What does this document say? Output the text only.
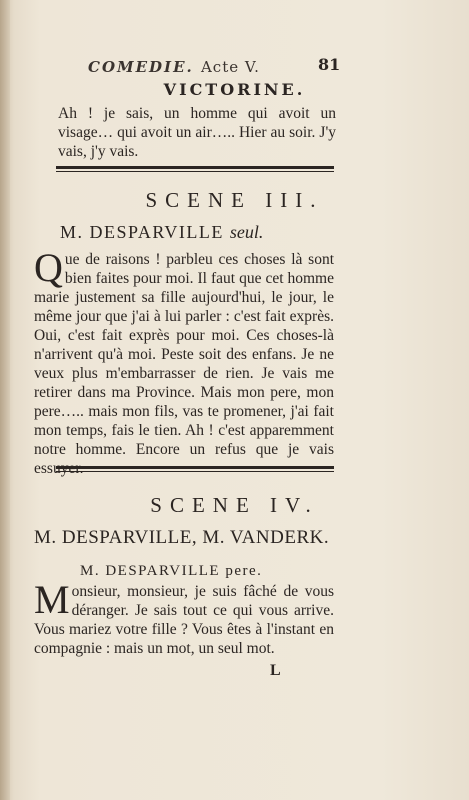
COMEDIE. Acte V.	81
VICTORINE.
Ah ! je sais, un homme qui avoit un visage… qui avoit un air….. Hier au soir. J'y vais, j'y vais.
SCENE III.
M. DESPARVILLE seul.
Que de raisons ! parbleu ces choses là sont bien faites pour moi. Il faut que cet homme marie justement sa fille aujourd'hui, le jour, le même jour que j'ai à lui parler : c'est fait exprès. Oui, c'est fait exprès pour moi. Ces choses-là n'arrivent qu'à moi. Peste soit des enfans. Je ne veux plus m'embarrasser de rien. Je vais me retirer dans ma Province. Mais mon pere, mon pere….. mais mon fils, vas te promener, j'ai fait mon temps, fais le tien. Ah ! c'est apparemment notre homme. Encore un refus que je vais essuyer.
SCENE IV.
M. DESPARVILLE, M. VANDERK.
M. DESPARVILLE pere.
Monsieur, monsieur, je suis fâché de vous déranger. Je sais tout ce qui vous arrive. Vous mariez votre fille ? Vous êtes à l'instant en compagnie : mais un mot, un seul mot.
L
